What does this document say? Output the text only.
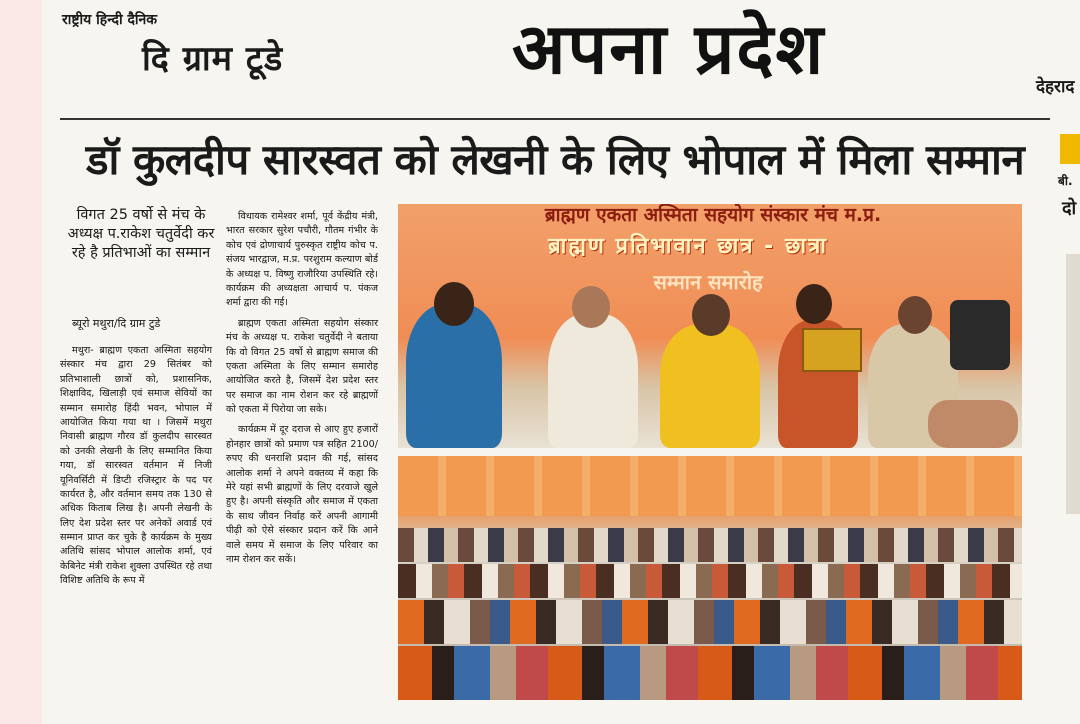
राष्ट्रीय हिन्दी दैनिक
दि ग्राम टूडे	अपना प्रदेश	देहराद
डॉ कुलदीप सारस्वत को लेखनी के लिए भोपाल में मिला सम्मान
विगत 25 वर्षो से मंच के अध्यक्ष प.राकेश चतुर्वेदी कर रहे है प्रतिभाओं का सम्मान
ब्यूरो मथुरा/दि ग्राम टुडे

मथुरा- ब्राह्मण एकता अस्मिता सहयोग संस्कार मंच द्वारा 29 सितंबर को प्रतिभाशाली छात्रों को, प्रशासनिक, शिक्षाविद, खिलाड़ी एवं समाज सेवियों का सम्मान समारोह हिंदी भवन, भोपाल में आयोजित किया गया था । जिसमें मथुरा निवासी ब्राह्मण गौरव डॉ कुलदीप सारस्वत को उनकी लेखनी के लिए सम्मानित किया गया, डॉ सारस्वत वर्तमान में निजी यूनिवर्सिटी में डिप्टी रजिस्ट्रार के पद पर कार्यरत है, और वर्तमान समय तक 130 से अधिक किताब लिख है। अपनी लेखनी के लिए देश प्रदेश स्तर पर अनेकों अवार्ड एवं सम्मान प्राप्त कर चुके है कार्यक्रम के मुख्य अतिथि सांसद भोपाल आलोक शर्मा, एवं केबिनेट मंत्री राकेश शुक्ला उपस्थित रहे तथा विशिष्ट अतिथि के रूप में

विधायक रामेश्वर शर्मा, पूर्व केंद्रीय मंत्री, भारत सरकार सुरेश पचौरी, गौतम गंभीर के कोच एवं द्रोणाचार्य पुरुस्कृत राष्ट्रीय कोच प. संजय भारद्वाज, म.प्र. परशुराम कल्याण बोर्ड के अध्यक्ष प. विष्णु राजौरिया उपस्थिति रहे। कार्यक्रम की अध्यक्षता आचार्य प. पंकज शर्मा द्वारा की गई।

ब्राह्मण एकता अस्मिता सहयोग संस्कार मंच के अध्यक्ष प. राकेश चतुर्वेदी ने बताया कि वो विगत 25 वर्षो से ब्राह्मण समाज की एकता अस्मिता के लिए सम्मान समारोह आयोजित करते है, जिसमें देश प्रदेश स्तर पर समाज का नाम रोशन कर रहे ब्राह्मणों को एकता में पिरोया जा सके।

कार्यक्रम में दूर दराज से आए हुए हजारों होनहार छात्रों को प्रमाण पत्र सहित 2100/ रुपए की धनराशि प्रदान की गई, सांसद आलोक शर्मा ने अपने वक्तव्य में कहा कि मेरे यहां सभी ब्राह्मणों के लिए दरवाजे खुले हुए है। अपनी संस्कृति और समाज में एकता के साथ जीवन निर्वाह करें अपनी आगामी पीढ़ी को ऐसे संस्कार प्रदान करें कि आने वाले समय में समाज के लिए परिवार का नाम रोशन कर सकें।

ब्राह्मण एकता अस्मिता सहयोग संस्कार मंच म.प्र.
ब्राह्मण प्रतिभावान छात्र - छात्रा
सम्मान समारोह
बी.
दो
